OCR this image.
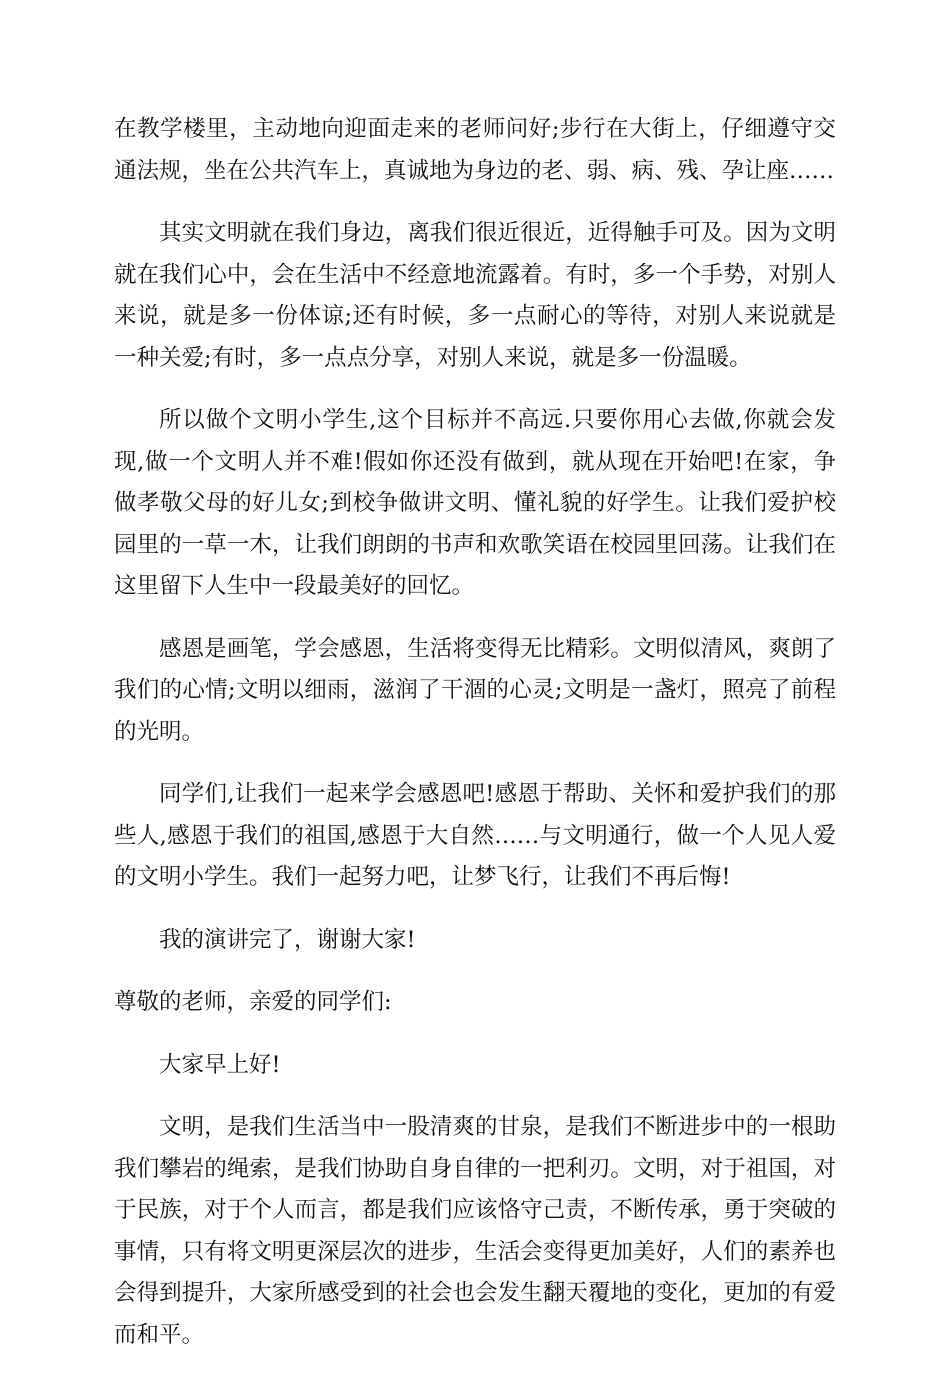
在教学楼里，主动地向迎面走来的老师问好;步行在大街上，仔细遵守交通法规，坐在公共汽车上，真诚地为身边的老、弱、病、残、孕让座……

其实文明就在我们身边，离我们很近很近，近得触手可及。因为文明就在我们心中，会在生活中不经意地流露着。有时，多一个手势，对别人来说，就是多一份体谅;还有时候，多一点耐心的等待，对别人来说就是一种关爱;有时，多一点点分享，对别人来说，就是多一份温暖。

所以做个文明小学生,这个目标并不高远.只要你用心去做,你就会发现,做一个文明人并不难!假如你还没有做到，就从现在开始吧!在家，争做孝敬父母的好儿女;到校争做讲文明、懂礼貌的好学生。让我们爱护校园里的一草一木，让我们朗朗的书声和欢歌笑语在校园里回荡。让我们在这里留下人生中一段最美好的回忆。

感恩是画笔，学会感恩，生活将变得无比精彩。文明似清风，爽朗了我们的心情;文明以细雨，滋润了干涸的心灵;文明是一盏灯，照亮了前程的光明。

同学们,让我们一起来学会感恩吧!感恩于帮助、关怀和爱护我们的那些人,感恩于我们的祖国,感恩于大自然……与文明通行，做一个人见人爱的文明小学生。我们一起努力吧，让梦飞行，让我们不再后悔!

我的演讲完了，谢谢大家!

尊敬的老师，亲爱的同学们:

大家早上好!

文明，是我们生活当中一股清爽的甘泉，是我们不断进步中的一根助我们攀岩的绳索，是我们协助自身自律的一把利刃。文明，对于祖国，对于民族，对于个人而言，都是我们应该恪守己责，不断传承，勇于突破的事情，只有将文明更深层次的进步，生活会变得更加美好，人们的素养也会得到提升，大家所感受到的社会也会发生翻天覆地的变化，更加的有爱而和平。
